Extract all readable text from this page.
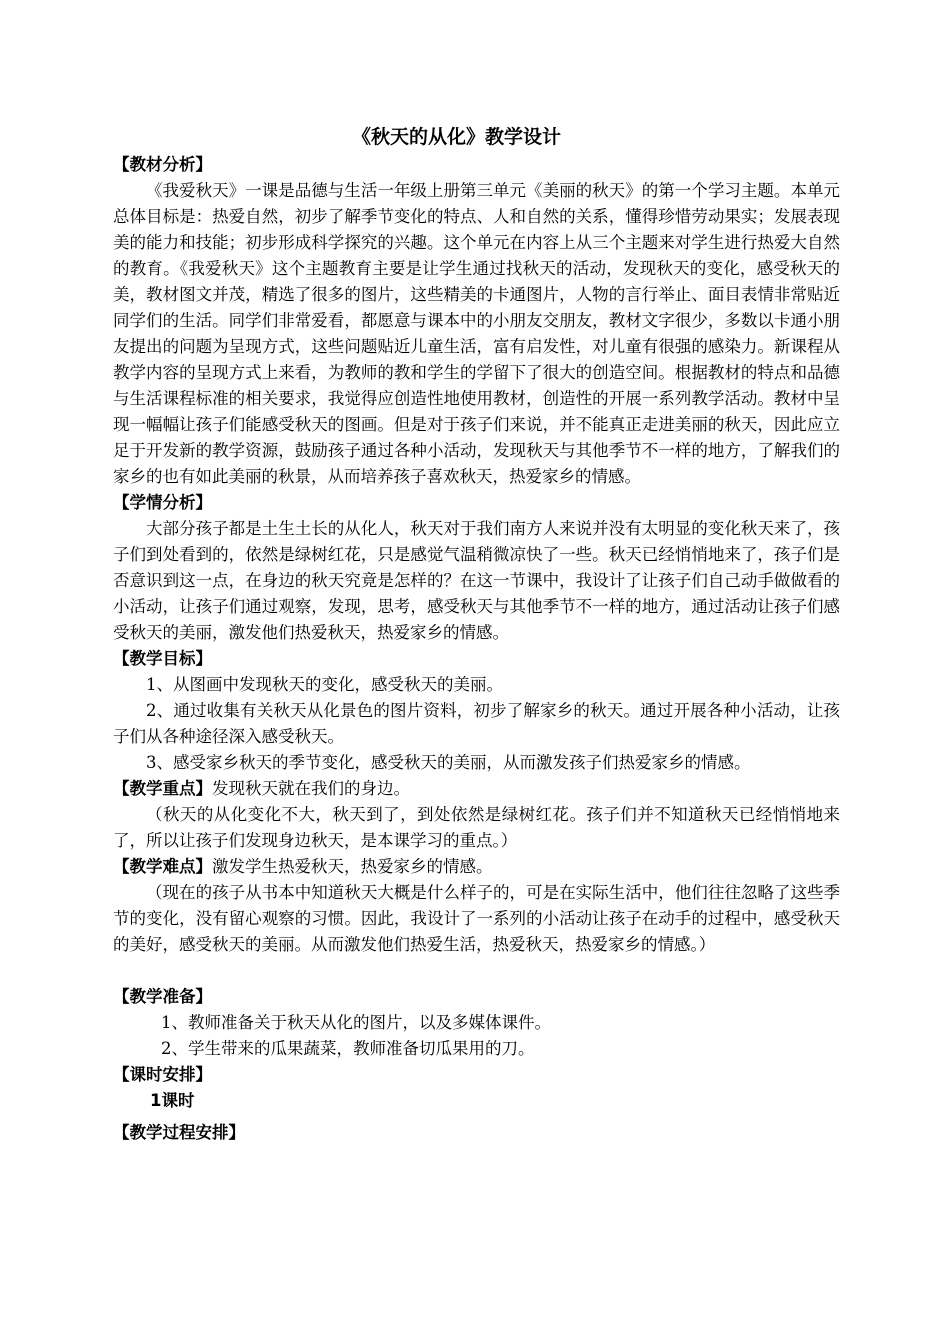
《秋天的从化》教学设计
【教材分析】

《我爱秋天》一课是品德与生活一年级上册第三单元《美丽的秋天》的第一个学习主题。本单元总体目标是：热爱自然，初步了解季节变化的特点、人和自然的关系，懂得珍惜劳动果实；发展表现美的能力和技能；初步形成科学探究的兴趣。这个单元在内容上从三个主题来对学生进行热爱大自然的教育。《我爱秋天》这个主题教育主要是让学生通过找秋天的活动，发现秋天的变化，感受秋天的美，教材图文并茂，精选了很多的图片，这些精美的卡通图片，人物的言行举止、面目表情非常贴近同学们的生活。同学们非常爱看，都愿意与课本中的小朋友交朋友，教材文字很少，多数以卡通小朋友提出的问题为呈现方式，这些问题贴近儿童生活，富有启发性，对儿童有很强的感染力。新课程从教学内容的呈现方式上来看，为教师的教和学生的学留下了很大的创造空间。根据教材的特点和品德与生活课程标准的相关要求，我觉得应创造性地使用教材，创造性的开展一系列教学活动。教材中呈现一幅幅让孩子们能感受秋天的图画。但是对于孩子们来说，并不能真正走进美丽的秋天，因此应立足于开发新的教学资源，鼓励孩子通过各种小活动，发现秋天与其他季节不一样的地方，了解我们的家乡的也有如此美丽的秋景，从而培养孩子喜欢秋天，热爱家乡的情感。

【学情分析】

大部分孩子都是土生土长的从化人，秋天对于我们南方人来说并没有太明显的变化秋天来了，孩子们到处看到的，依然是绿树红花，只是感觉气温稍微凉快了一些。秋天已经悄悄地来了，孩子们是否意识到这一点，在身边的秋天究竟是怎样的？在这一节课中，我设计了让孩子们自己动手做做看的小活动，让孩子们通过观察，发现，思考，感受秋天与其他季节不一样的地方，通过活动让孩子们感受秋天的美丽，激发他们热爱秋天，热爱家乡的情感。

【教学目标】

1、从图画中发现秋天的变化，感受秋天的美丽。

2、通过收集有关秋天从化景色的图片资料，初步了解家乡的秋天。通过开展各种小活动，让孩子们从各种途径深入感受秋天。

3、感受家乡秋天的季节变化，感受秋天的美丽，从而激发孩子们热爱家乡的情感。

【教学重点】发现秋天就在我们的身边。

（秋天的从化变化不大，秋天到了，到处依然是绿树红花。孩子们并不知道秋天已经悄悄地来了，所以让孩子们发现身边秋天，是本课学习的重点。）

【教学难点】激发学生热爱秋天，热爱家乡的情感。

（现在的孩子从书本中知道秋天大概是什么样子的，可是在实际生活中，他们往往忽略了这些季节的变化，没有留心观察的习惯。因此，我设计了一系列的小活动让孩子在动手的过程中，感受秋天的美好，感受秋天的美丽。从而激发他们热爱生活，热爱秋天，热爱家乡的情感。）

【教学准备】

1、教师准备关于秋天从化的图片，以及多媒体课件。

2、学生带来的瓜果蔬菜，教师准备切瓜果用的刀。

【课时安排】

1课时

【教学过程安排】
